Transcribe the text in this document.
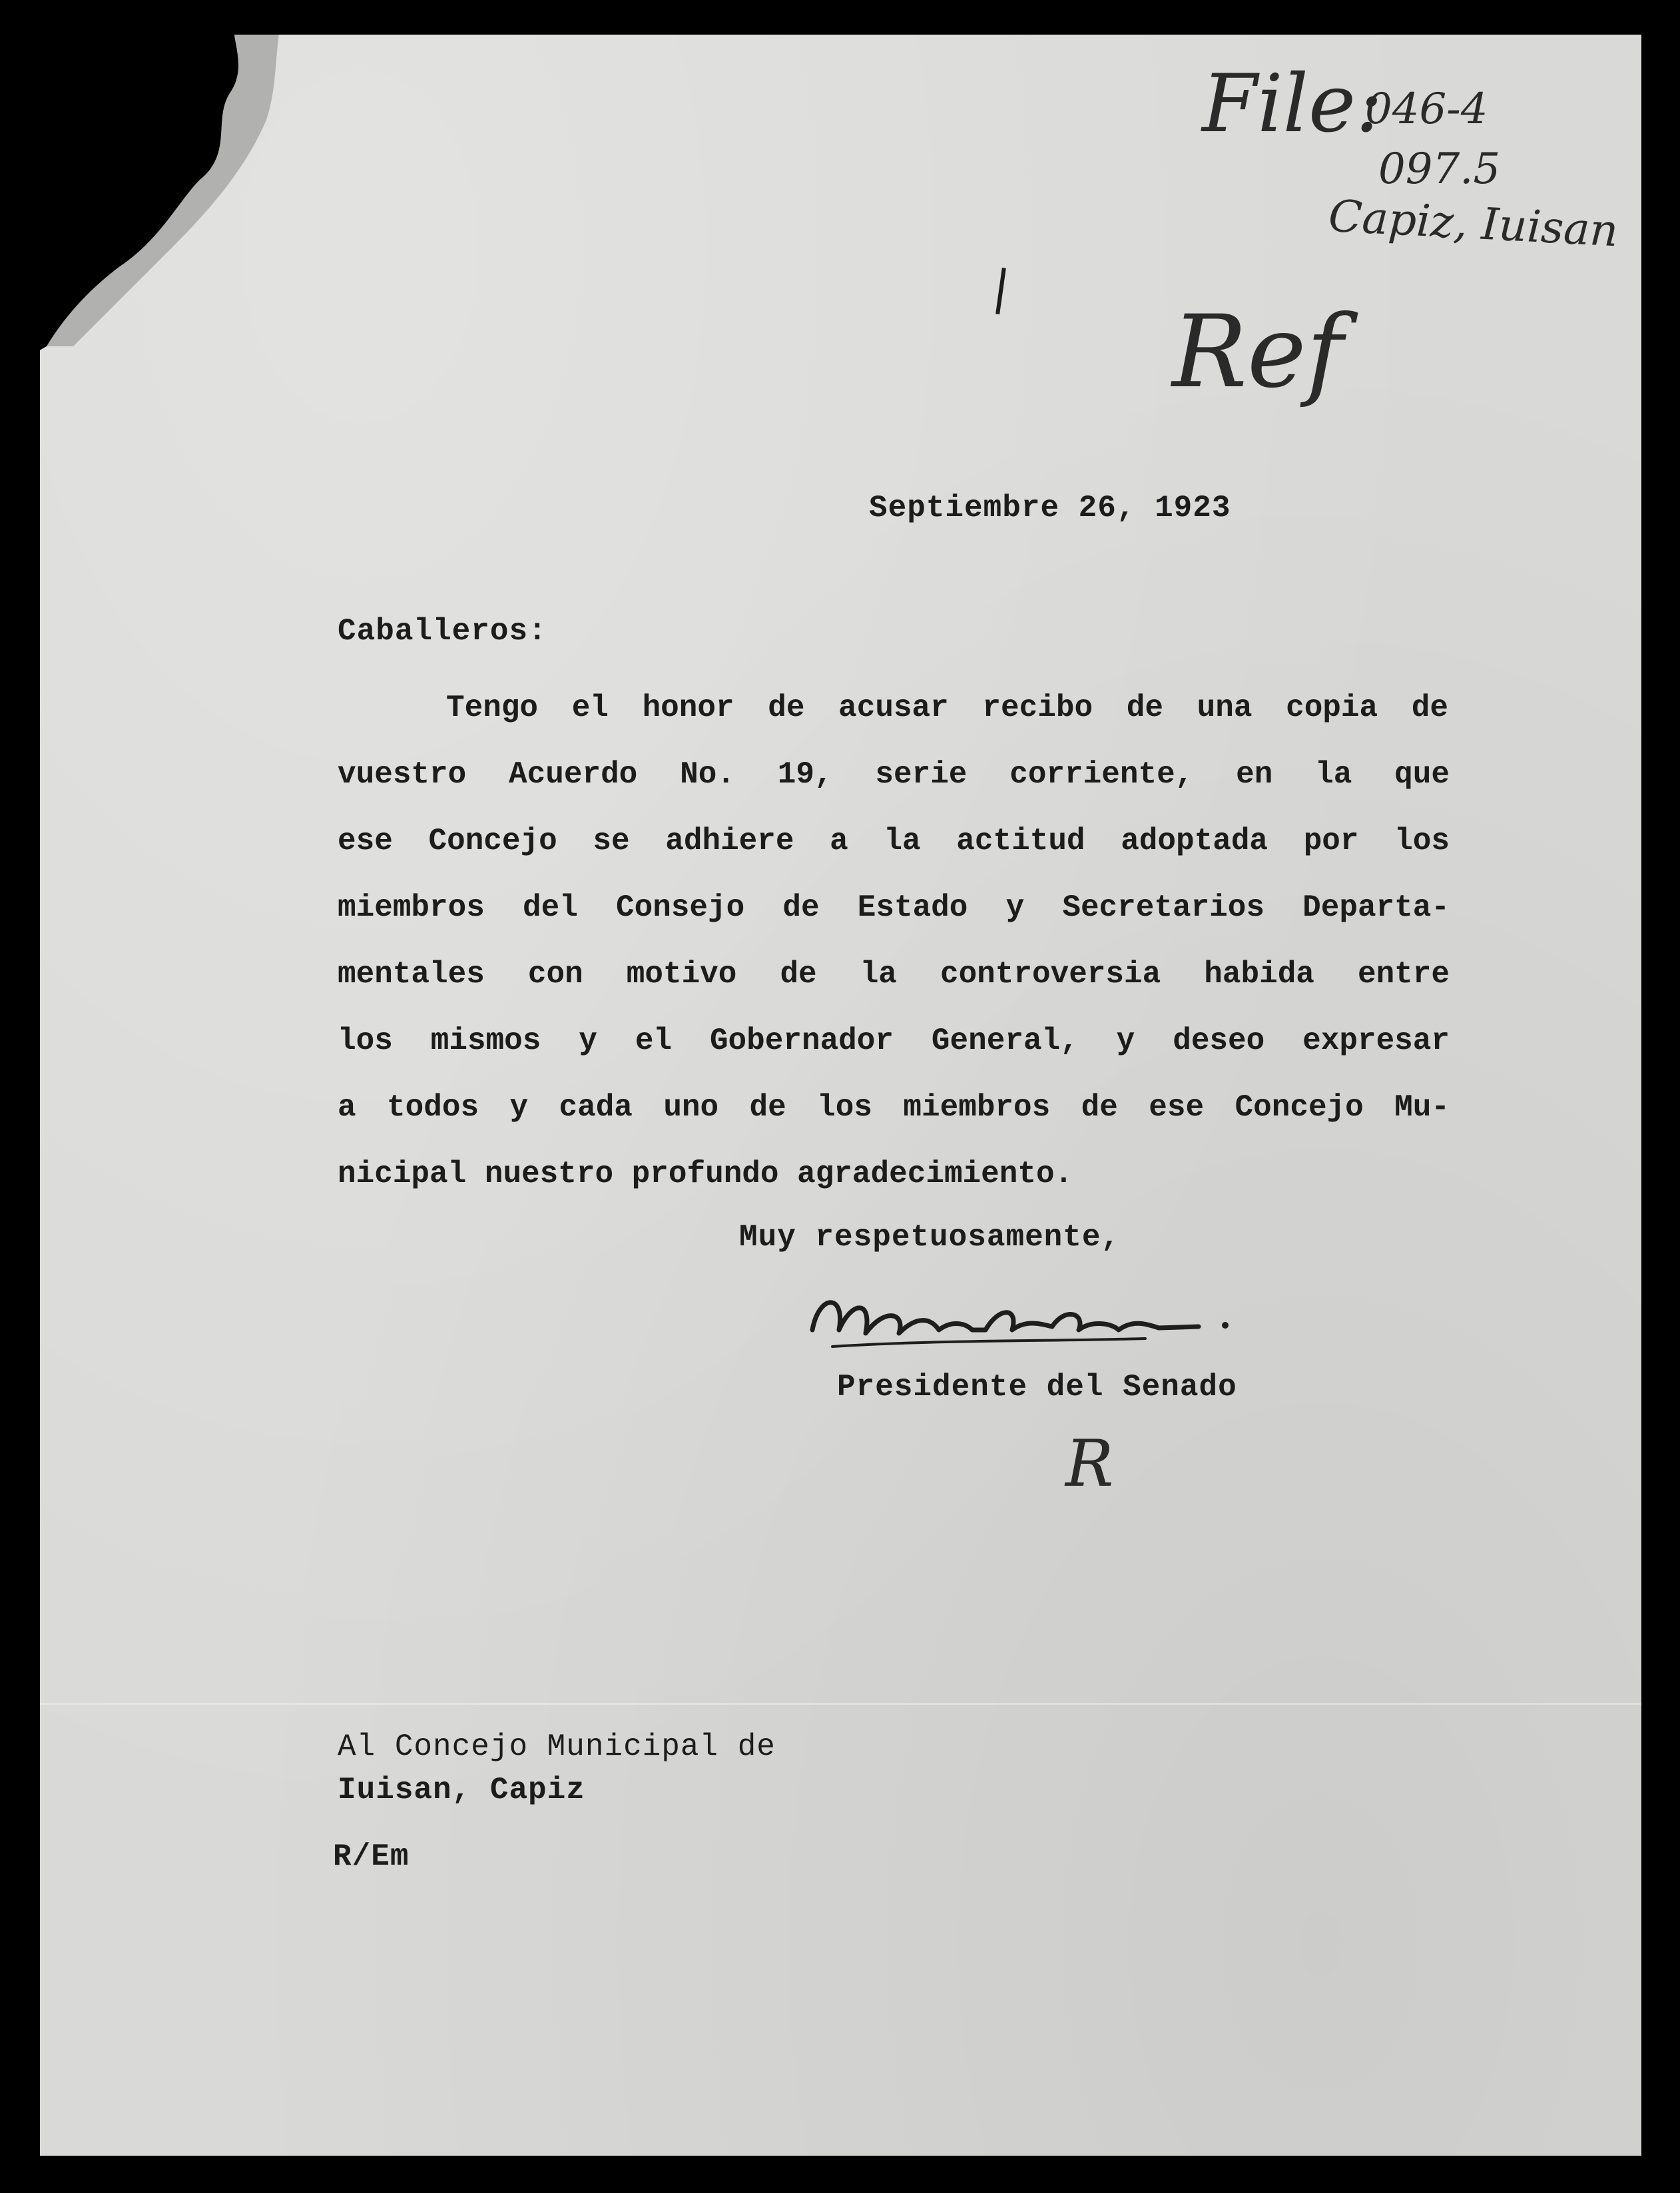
File:
046-4
097.5
Capiz, Iuisan
Ref
Septiembre 26, 1923
Caballeros:
Tengo el honor de acusar recibo de una copia de
vuestro Acuerdo No. 19, serie corriente, en la que
ese Concejo se adhiere a la actitud adoptada por los
miembros del Consejo de Estado y Secretarios Departa-
mentales con motivo de la controversia habida entre
los mismos y el Gobernador General, y deseo expresar
a todos y cada uno de los miembros de ese Concejo Mu-
nicipal nuestro profundo agradecimiento.
Muy respetuosamente,
Presidente del Senado
R
Al Concejo Municipal de
Iuisan, Capiz
R/Em
